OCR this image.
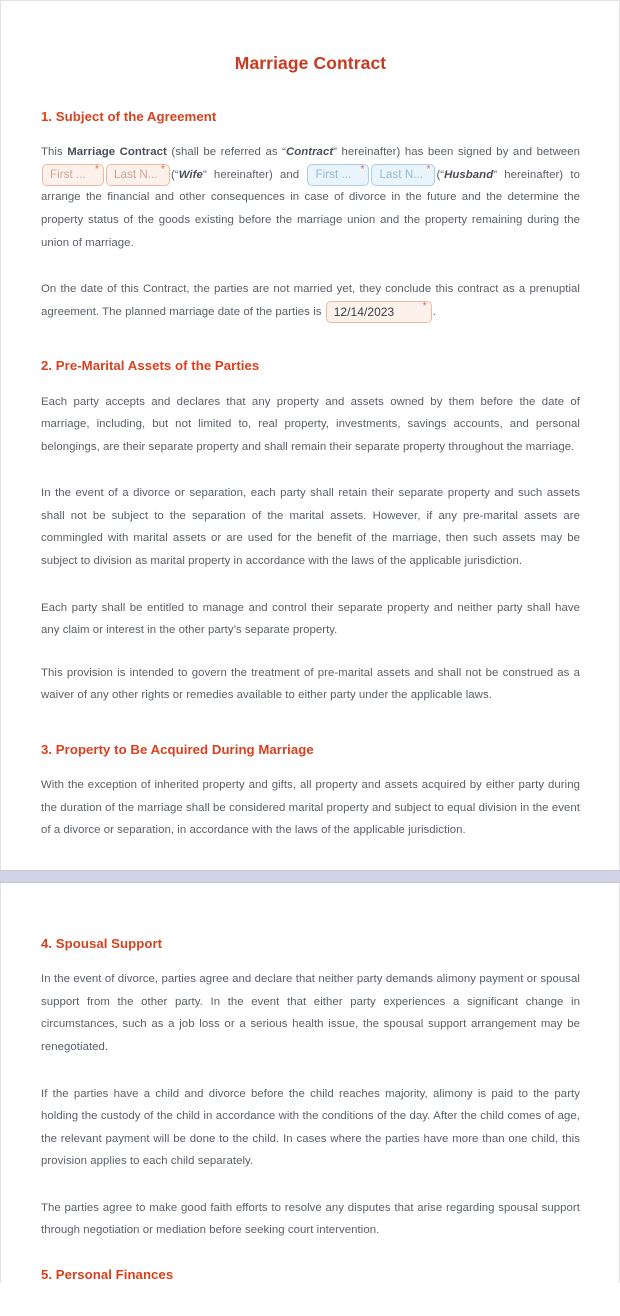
Marriage Contract
1. Subject of the Agreement

This Marriage Contract (shall be referred as “Contract” hereinafter) has been signed by and between First ... * Last N... * (“Wife” hereinafter) and First ... * Last N... * (“Husband” hereinafter) to arrange the financial and other consequences in case of divorce in the future and the determine the property status of the goods existing before the marriage union and the property remaining during the union of marriage.

On the date of this Contract, the parties are not married yet, they conclude this contract as a prenuptial agreement. The planned marriage date of the parties is 12/14/2023	* .

2. Pre-Marital Assets of the Parties

Each party accepts and declares that any property and assets owned by them before the date of marriage, including, but not limited to, real property, investments, savings accounts, and personal belongings, are their separate property and shall remain their separate property throughout the marriage.

In the event of a divorce or separation, each party shall retain their separate property and such assets shall not be subject to the separation of the marital assets. However, if any pre-marital assets are commingled with marital assets or are used for the benefit of the marriage, then such assets may be subject to division as marital property in accordance with the laws of the applicable jurisdiction.

Each party shall be entitled to manage and control their separate property and neither party shall have any claim or interest in the other party’s separate property.

This provision is intended to govern the treatment of pre-marital assets and shall not be construed as a waiver of any other rights or remedies available to either party under the applicable laws.

3. Property to Be Acquired During Marriage

With the exception of inherited property and gifts, all property and assets acquired by either party during the duration of the marriage shall be considered marital property and subject to equal division in the event of a divorce or separation, in accordance with the laws of the applicable jurisdiction.

4. Spousal Support

In the event of divorce, parties agree and declare that neither party demands alimony payment or spousal support from the other party. In the event that either party experiences a significant change in circumstances, such as a job loss or a serious health issue, the spousal support arrangement may be renegotiated.

If the parties have a child and divorce before the child reaches majority, alimony is paid to the party holding the custody of the child in accordance with the conditions of the day. After the child comes of age, the relevant payment will be done to the child. In cases where the parties have more than one child, this provision applies to each child separately.

The parties agree to make good faith efforts to resolve any disputes that arise regarding spousal support through negotiation or mediation before seeking court intervention.

5. Personal Finances
